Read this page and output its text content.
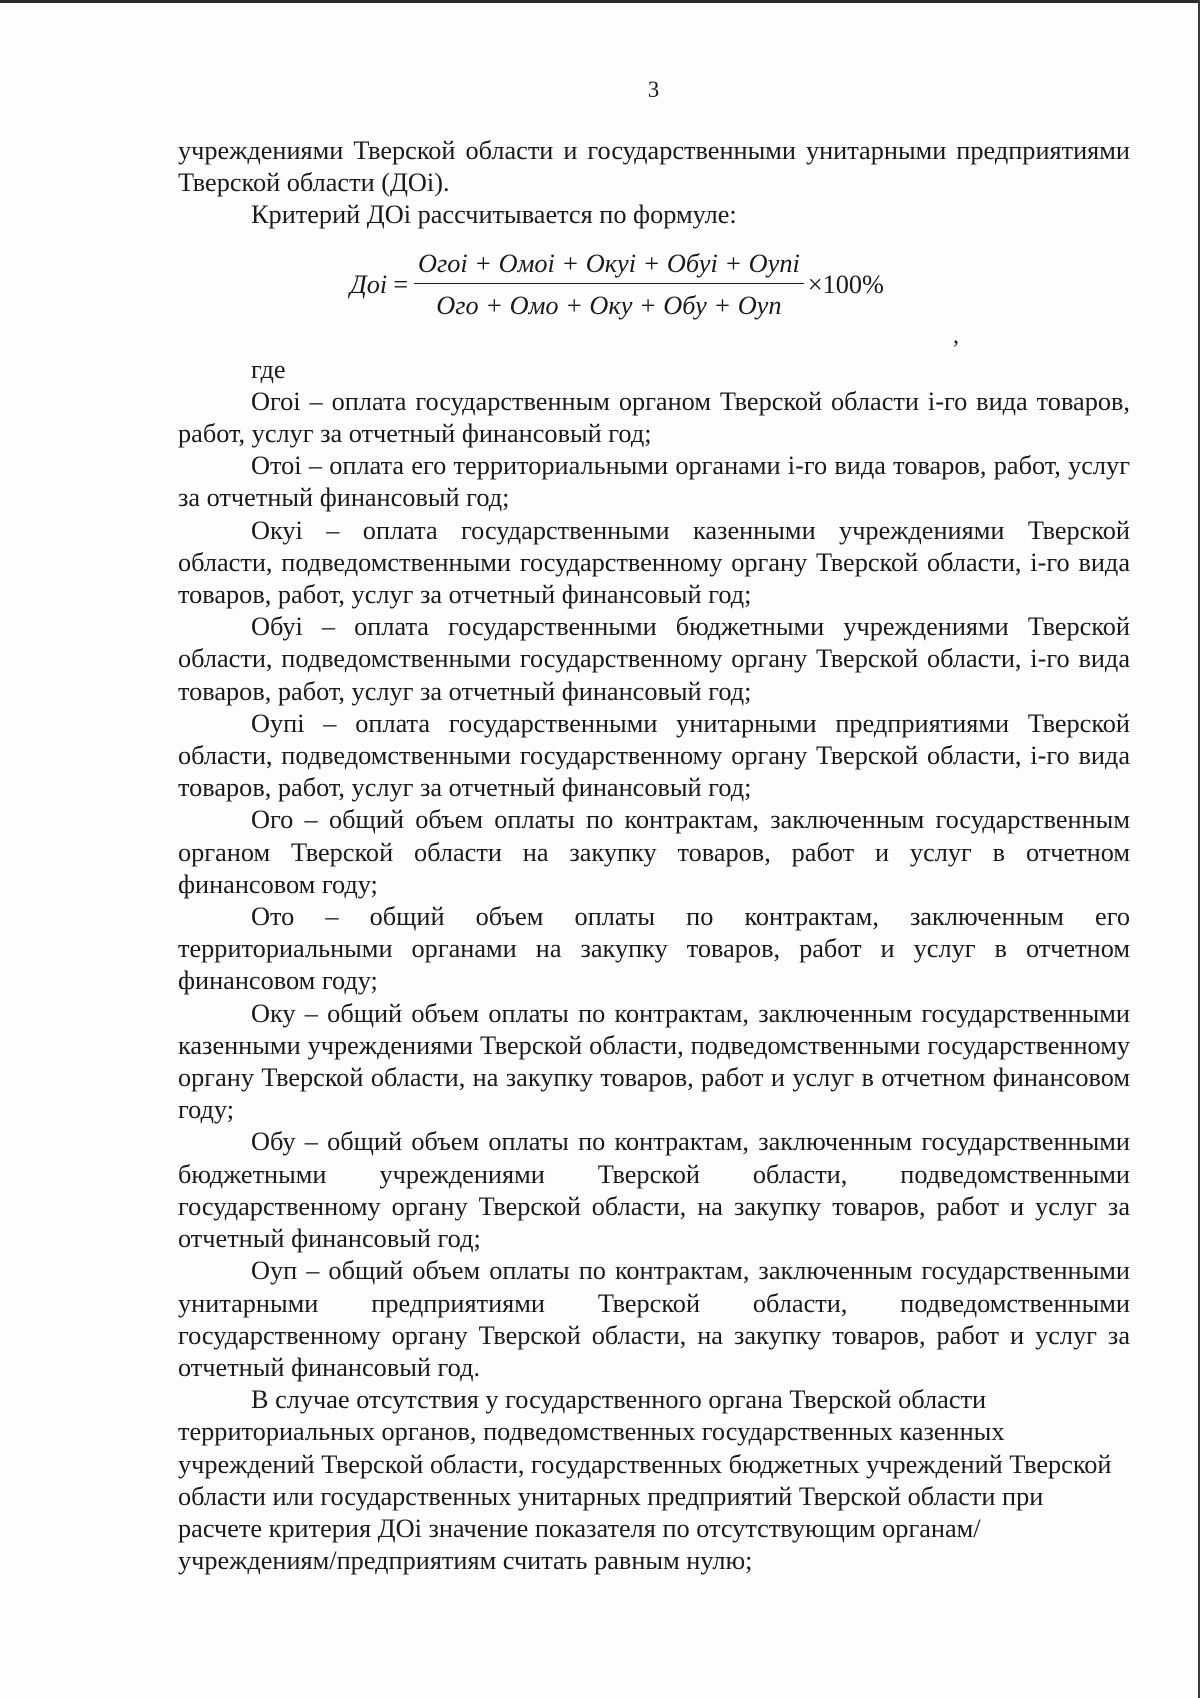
3

учреждениями Тверской области и государственными унитарными предприятиями Тверской области (ДОi).

Критерий ДОi рассчитывается по формуле:

Доi = $\frac{\text{Огоi + Омоi + Окуi + Обуi + Оупi}}{\text{Ого + Омо + Оку + Обу + Оуп}} \times 100\%$
,

где

Огоi – оплата государственным органом Тверской области i-го вида товаров, работ, услуг за отчетный финансовый год;

Отоi – оплата его территориальными органами i-го вида товаров, работ, услуг за отчетный финансовый год;

Окуi – оплата государственными казенными учреждениями Тверской области, подведомственными государственному органу Тверской области, i-го вида товаров, работ, услуг за отчетный финансовый год;

Обуi – оплата государственными бюджетными учреждениями Тверской области, подведомственными государственному органу Тверской области, i-го вида товаров, работ, услуг за отчетный финансовый год;

Оупi – оплата государственными унитарными предприятиями Тверской области, подведомственными государственному органу Тверской области, i-го вида товаров, работ, услуг за отчетный финансовый год;

Ого – общий объем оплаты по контрактам, заключенным государственным органом Тверской области на закупку товаров, работ и услуг в отчетном финансовом году;

Ото – общий объем оплаты по контрактам, заключенным его территориальными органами на закупку товаров, работ и услуг в отчетном финансовом году;

Оку – общий объем оплаты по контрактам, заключенным государственными казенными учреждениями Тверской области, подведомственными государственному органу Тверской области, на закупку товаров, работ и услуг в отчетном финансовом году;

Обу – общий объем оплаты по контрактам, заключенным государственными бюджетными учреждениями Тверской области, подведомственными государственному органу Тверской области, на закупку товаров, работ и услуг за отчетный финансовый год;

Оуп – общий объем оплаты по контрактам, заключенным государственными унитарными предприятиями Тверской области, подведомственными государственному органу Тверской области, на закупку товаров, работ и услуг за отчетный финансовый год.

В случае отсутствия у государственного органа Тверской области территориальных органов, подведомственных государственных казенных учреждений Тверской области, государственных бюджетных учреждений Тверской области или государственных унитарных предприятий Тверской области при расчете критерия ДОi значение показателя по отсутствующим органам/учреждениям/предприятиям считать равным нулю;
